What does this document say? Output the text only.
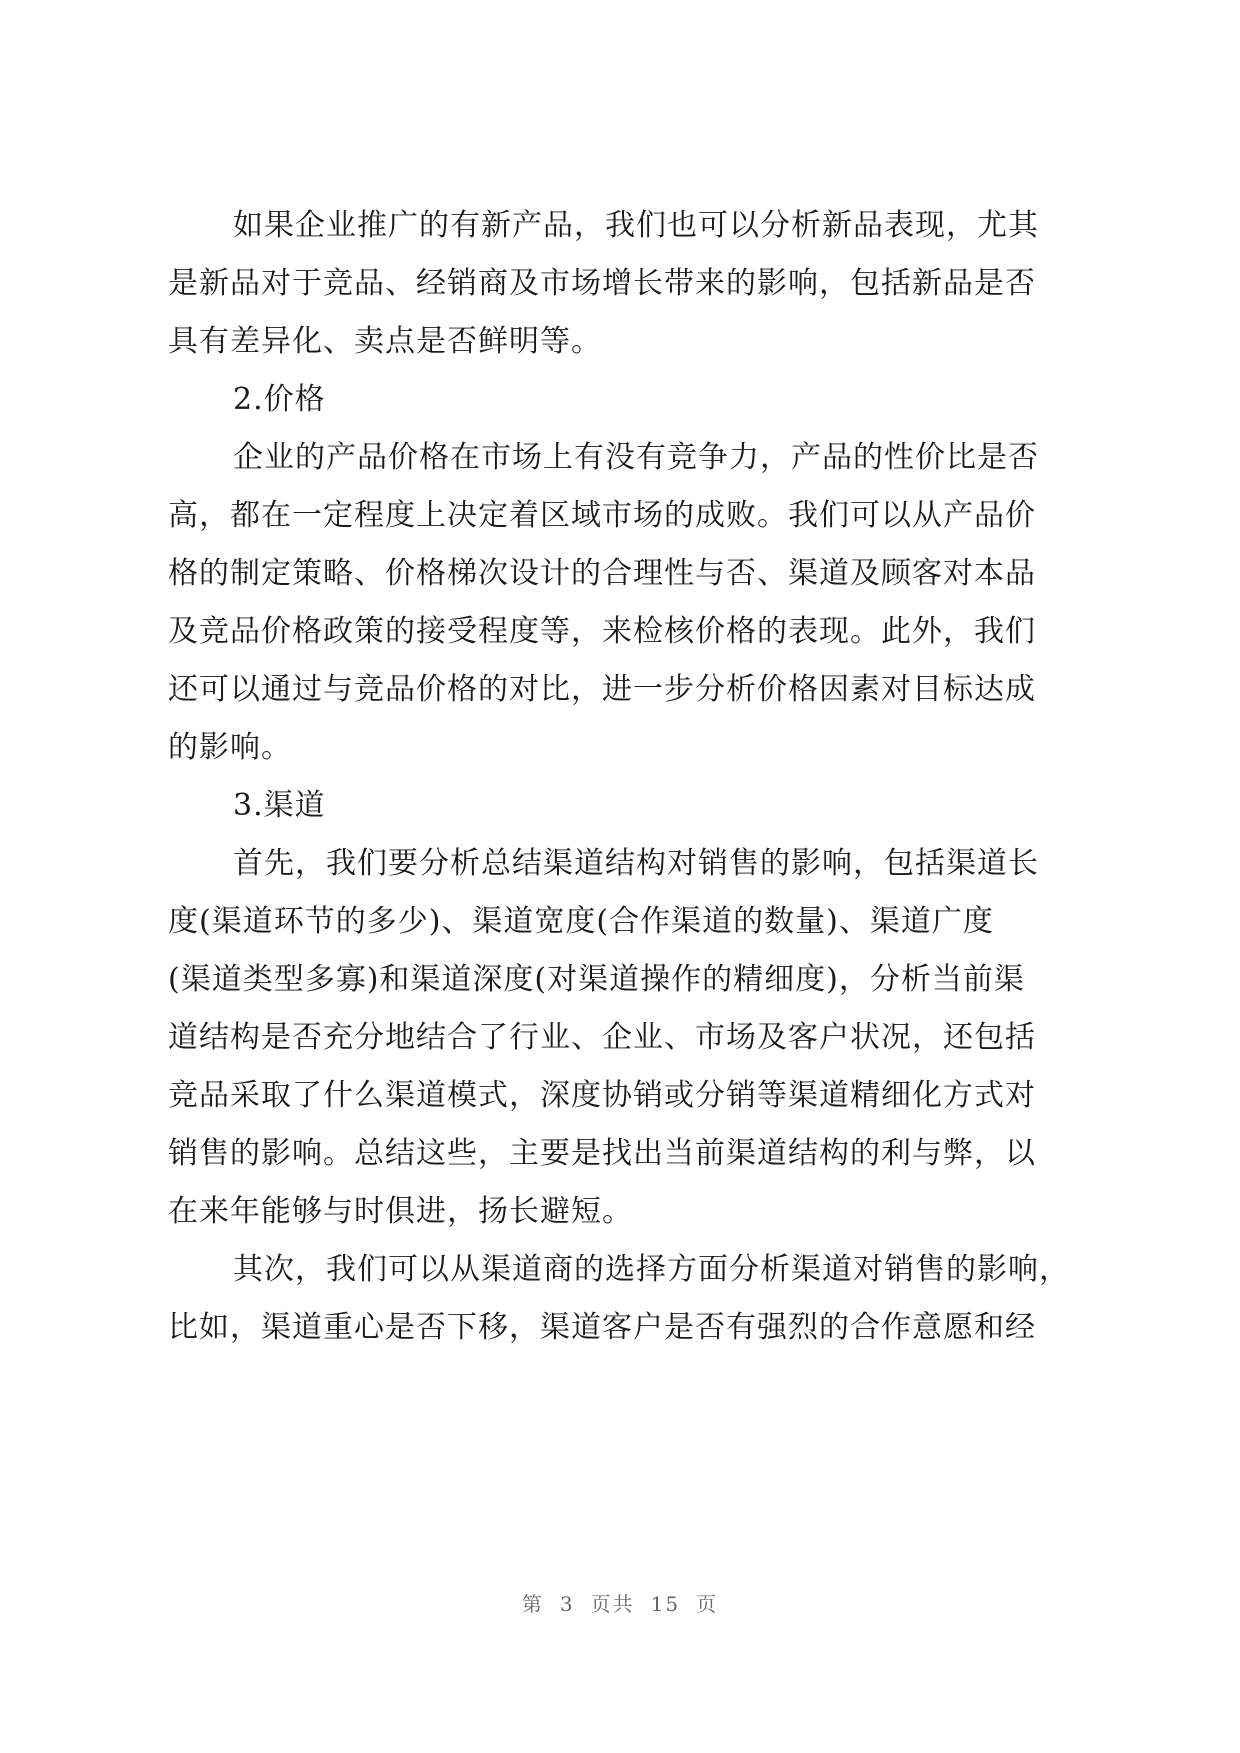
如果企业推广的有新产品，我们也可以分析新品表现，尤其
是新品对于竞品、经销商及市场增长带来的影响，包括新品是否
具有差异化、卖点是否鲜明等。
2.价格
企业的产品价格在市场上有没有竞争力，产品的性价比是否
高，都在一定程度上决定着区域市场的成败。我们可以从产品价
格的制定策略、价格梯次设计的合理性与否、渠道及顾客对本品
及竞品价格政策的接受程度等，来检核价格的表现。此外，我们
还可以通过与竞品价格的对比，进一步分析价格因素对目标达成
的影响。
3.渠道
首先，我们要分析总结渠道结构对销售的影响，包括渠道长
度(渠道环节的多少)、渠道宽度(合作渠道的数量)、渠道广度
(渠道类型多寡)和渠道深度(对渠道操作的精细度)，分析当前渠
道结构是否充分地结合了行业、企业、市场及客户状况，还包括
竞品采取了什么渠道模式，深度协销或分销等渠道精细化方式对
销售的影响。总结这些，主要是找出当前渠道结构的利与弊，以
在来年能够与时俱进，扬长避短。
其次，我们可以从渠道商的选择方面分析渠道对销售的影响，
比如，渠道重心是否下移，渠道客户是否有强烈的合作意愿和经
第 3 页共 15 页
